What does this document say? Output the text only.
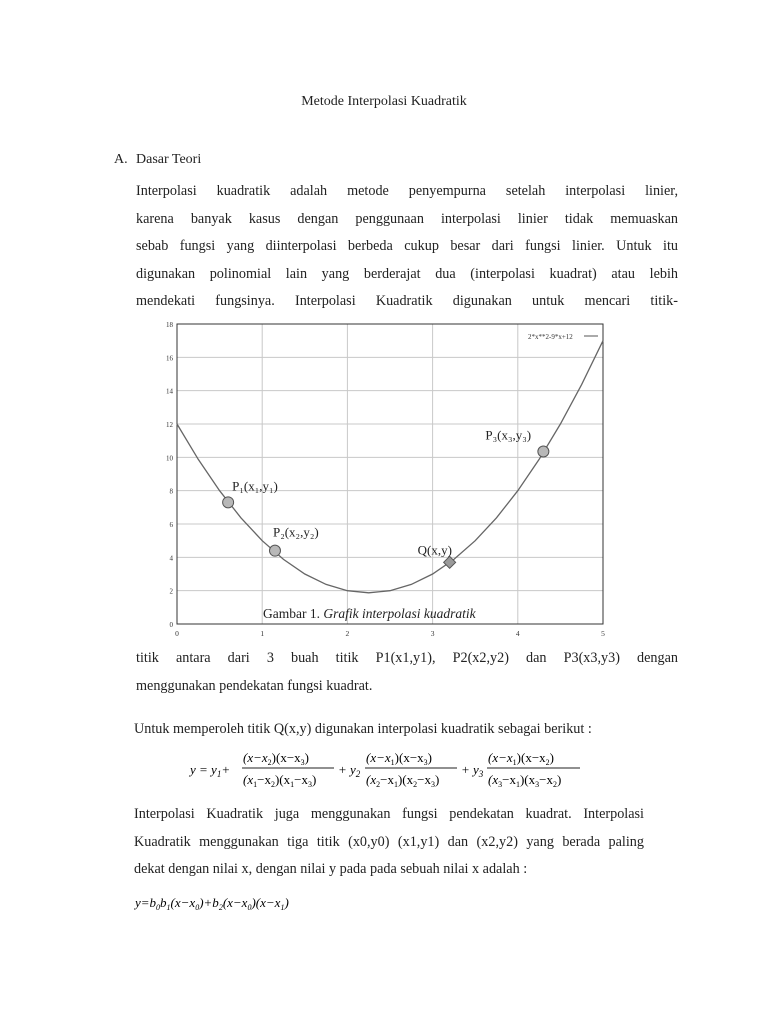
Metode Interpolasi Kuadratik
A. Dasar Teori
Interpolasi kuadratik adalah metode penyempurna setelah interpolasi linier,
karena banyak kasus dengan penggunaan interpolasi linier tidak memuaskan
sebab fungsi yang diinterpolasi berbeda cukup besar dari fungsi linier. Untuk itu
digunakan polinomial lain yang berderajat dua (interpolasi kuadrat) atau lebih
mendekati fungsinya. Interpolasi Kuadratik digunakan untuk mencari titik-
0	1	2	3	4	5
0
2
4
6
8
10
12
14
16
18
P₁(x₁,y₁)
P₂(x₂,y₂)
Q(x,y)
P₃(x₃,y₃)
2*x**2-9*x+12
Gambar 1. Grafik interpolasi kuadratik
titik antara dari 3 buah titik P1(x1,y1), P2(x2,y2) dan P3(x3,y3) dengan
menggunakan pendekatan fungsi kuadrat.
Untuk memperoleh titik Q(x,y) digunakan interpolasi kuadratik sebagai berikut :
$y = y_1+$
$(x-x_2)(x-x_3)$
$(x_1-x_2)(x_1-x_3)$
+ $y_2$
$(x-x_1)(x-x_3)$
$(x_2-x_1)(x_2-x_3)$
+ $y_3$
$(x-x_1)(x-x_2)$
$(x_3-x_1)(x_3-x_2)$
Interpolasi Kuadratik juga menggunakan fungsi pendekatan kuadrat. Interpolasi
Kuadratik menggunakan tiga titik (x0,y0) (x1,y1) dan (x2,y2) yang berada paling
dekat dengan nilai x, dengan nilai y pada pada sebuah nilai x adalah :
$y=b_0b_1(x-x_0)+b_2(x-x_0)(x-x_1)$
